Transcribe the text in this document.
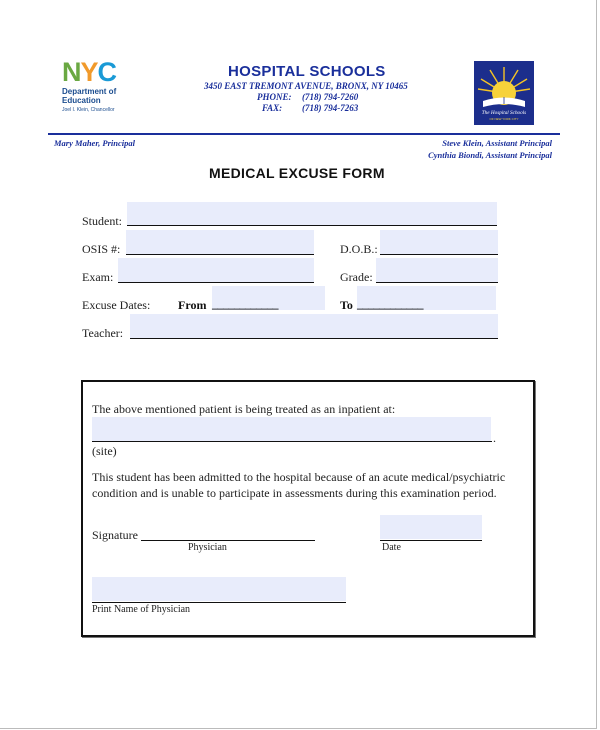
NYC
Department of
Education
Joel I. Klein, Chancellor
HOSPITAL SCHOOLS
3450 EAST TREMONT AVENUE, BRONX, NY 10465
PHONE: (718) 794-7260
FAX: (718) 794-7263	The Hospital Schools
OF NEW YORK CITY
Mary Maher, Principal	Steve Klein, Assistant Principal
Cynthia Biondi, Assistant Principal
MEDICAL EXCUSE FORM
Student:
OSIS #:	D.O.B.:
Exam:	Grade:
Excuse Dates: From ____________	To ____________
Teacher:
The above mentioned patient is being treated as an inpatient at:
.
(site)
This student has been admitted to the hospital because of an acute medical/psychiatric
condition and is unable to participate in assessments during this examination period.
Signature
Physician	Date
Print Name of Physician
